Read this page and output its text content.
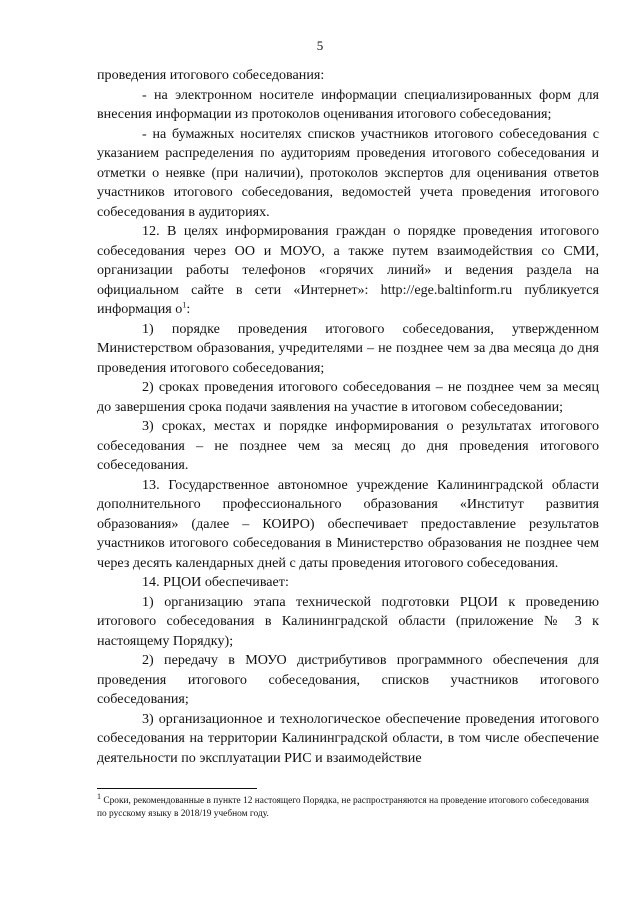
5

проведения итогового собеседования:

- на электронном носителе информации специализированных форм для внесения информации из протоколов оценивания итогового собеседования;

- на бумажных носителях списков участников итогового собеседования с указанием распределения по аудиториям проведения итогового собеседования и отметки о неявке (при наличии), протоколов экспертов для оценивания ответов участников итогового собеседования, ведомостей учета проведения итогового собеседования в аудиториях.

12. В целях информирования граждан о порядке проведения итогового собеседования через ОО и МОУО, а также путем взаимодействия со СМИ, организации работы телефонов «горячих линий» и ведения раздела на официальном сайте в сети «Интернет»: http://ege.baltinform.ru публикуется информация $о^1$:

1) порядке проведения итогового собеседования, утвержденном Министерством образования, учредителями – не позднее чем за два месяца до дня проведения итогового собеседования;

2) сроках проведения итогового собеседования – не позднее чем за месяц до завершения срока подачи заявления на участие в итоговом собеседовании;

3) сроках, местах и порядке информирования о результатах итогового собеседования – не позднее чем за месяц до дня проведения итогового собеседования.

13. Государственное автономное учреждение Калининградской области дополнительного профессионального образования «Институт развития образования» (далее – КОИРО) обеспечивает предоставление результатов участников итогового собеседования в Министерство образования не позднее чем через десять календарных дней с даты проведения итогового собеседования.

14. РЦОИ обеспечивает:

1) организацию этапа технической подготовки РЦОИ к проведению итогового собеседования в Калининградской области (приложение № 3 к настоящему Порядку);

2) передачу в МОУО дистрибутивов программного обеспечения для проведения итогового собеседования, списков участников итогового собеседования;

3) организационное и технологическое обеспечение проведения итогового собеседования на территории Калининградской области, в том числе обеспечение деятельности по эксплуатации РИС и взаимодействие

$^1$ Сроки, рекомендованные в пункте 12 настоящего Порядка, не распространяются на проведение итогового собеседования по русскому языку в 2018/19 учебном году.
